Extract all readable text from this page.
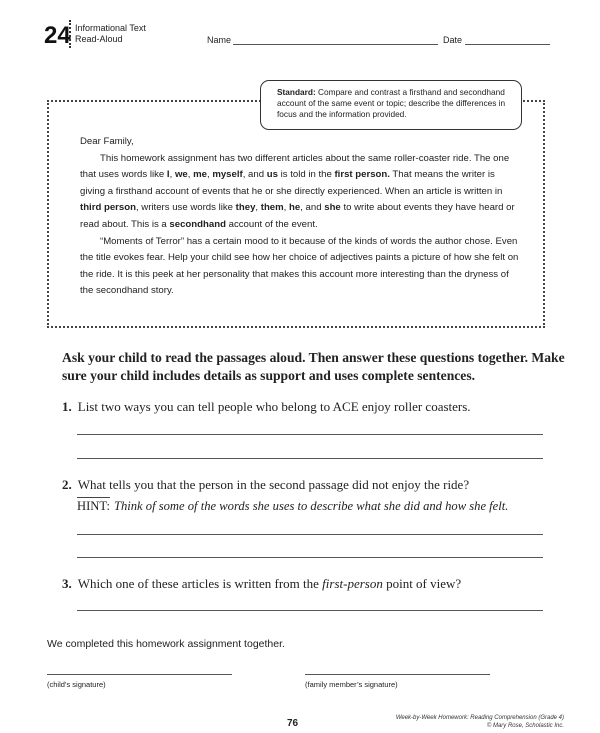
24 Informational Text
Read-Aloud	Name	Date
Standard: Compare and contrast a firsthand and secondhand account of the same event or topic; describe the differences in focus and the information provided.

Dear Family,

This homework assignment has two different articles about the same roller-coaster ride. The one that uses words like I, we, me, myself, and us is told in the first person. That means the writer is giving a firsthand account of events that he or she directly experienced. When an article is written in third person, writers use words like they, them, he, and she to write about events they have heard or read about. This is a secondhand account of the event.

“Moments of Terror” has a certain mood to it because of the kinds of words the author chose. Even the title evokes fear. Help your child see how her choice of adjectives paints a picture of how she felt on the ride. It is this peek at her personality that makes this account more interesting than the dryness of the secondhand story.

Ask your child to read the passages aloud. Then answer these questions together. Make sure your child includes details as support and uses complete sentences.
1. List two ways you can tell people who belong to ACE enjoy roller coasters.
2. What tells you that the person in the second passage did not enjoy the ride?
HINT: Think of some of the words she uses to describe what she did and how she felt.
3. Which one of these articles is written from the first-person point of view?
We completed this homework assignment together.
(child’s signature)	(family member’s signature)
76	Week-by-Week Homework: Reading Comprehension (Grade 4)
© Mary Rose, Scholastic Inc.
